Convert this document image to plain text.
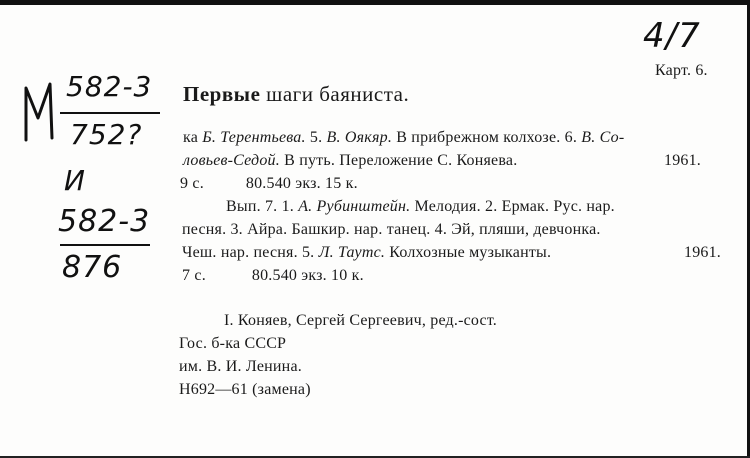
4/7
Карт. 6.
582-3
752?
И
582-3
876
Первые шаги баяниста.
ка Б. Терентьева. 5. В. Оякяр. В прибрежном колхозе. 6. В. Со-
ловьев-Седой. В путь. Переложение С. Коняева.	1961.
9 с.	80.540 экз. 15 к.
Вып. 7. 1. А. Рубинштейн. Мелодия. 2. Ермак. Рус. нар.
песня. 3. Айра. Башкир. нар. танец. 4. Эй, пляши, девчонка.
Чеш. нар. песня. 5. Л. Таутс. Колхозные музыканты.	1961.
7 с.	80.540 экз. 10 к.
I. Коняев, Сергей Сергеевич, ред.-сост.
Гос. б-ка СССР
им. В. И. Ленина.
Н692—61 (замена)
